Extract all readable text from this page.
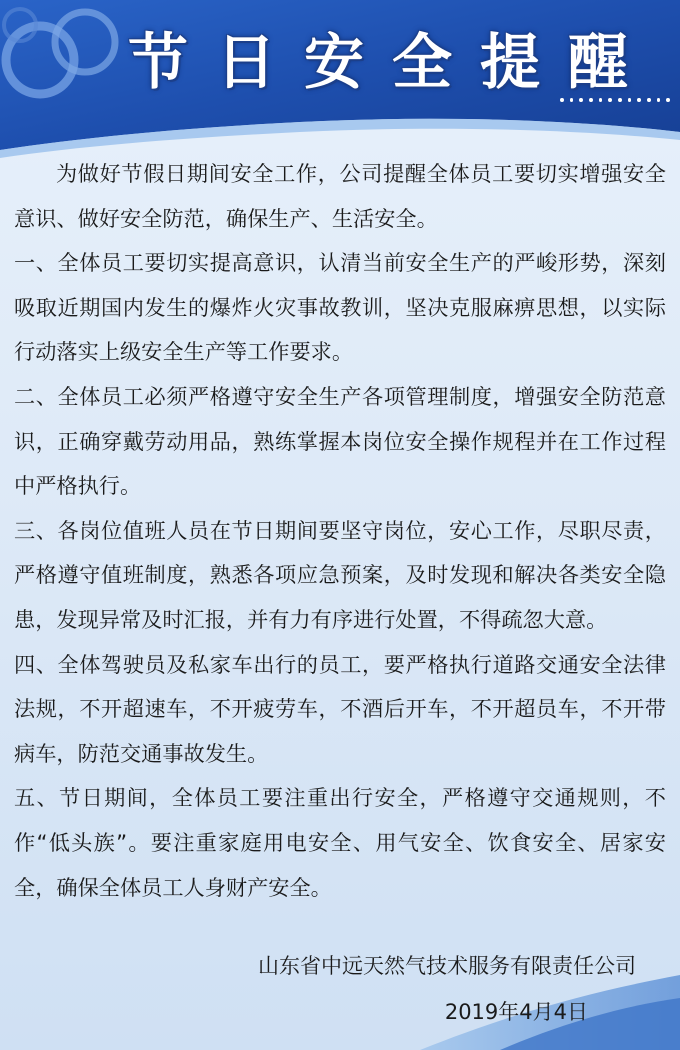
节日安全提醒

为做好节假日期间安全工作，公司提醒全体员工要切实增强安全意识、做好安全防范，确保生产、生活安全。

一、全体员工要切实提高意识，认清当前安全生产的严峻形势，深刻吸取近期国内发生的爆炸火灾事故教训，坚决克服麻痹思想，以实际行动落实上级安全生产等工作要求。

二、全体员工必须严格遵守安全生产各项管理制度，增强安全防范意识，正确穿戴劳动用品，熟练掌握本岗位安全操作规程并在工作过程中严格执行。

三、各岗位值班人员在节日期间要坚守岗位，安心工作，尽职尽责，严格遵守值班制度，熟悉各项应急预案，及时发现和解决各类安全隐患，发现异常及时汇报，并有力有序进行处置，不得疏忽大意。

四、全体驾驶员及私家车出行的员工，要严格执行道路交通安全法律法规，不开超速车，不开疲劳车，不酒后开车，不开超员车，不开带病车，防范交通事故发生。

五、节日期间，全体员工要注重出行安全，严格遵守交通规则，不作“低头族”。要注重家庭用电安全、用气安全、饮食安全、居家安全，确保全体员工人身财产安全。

山东省中远天然气技术服务有限责任公司
2019年4月4日
